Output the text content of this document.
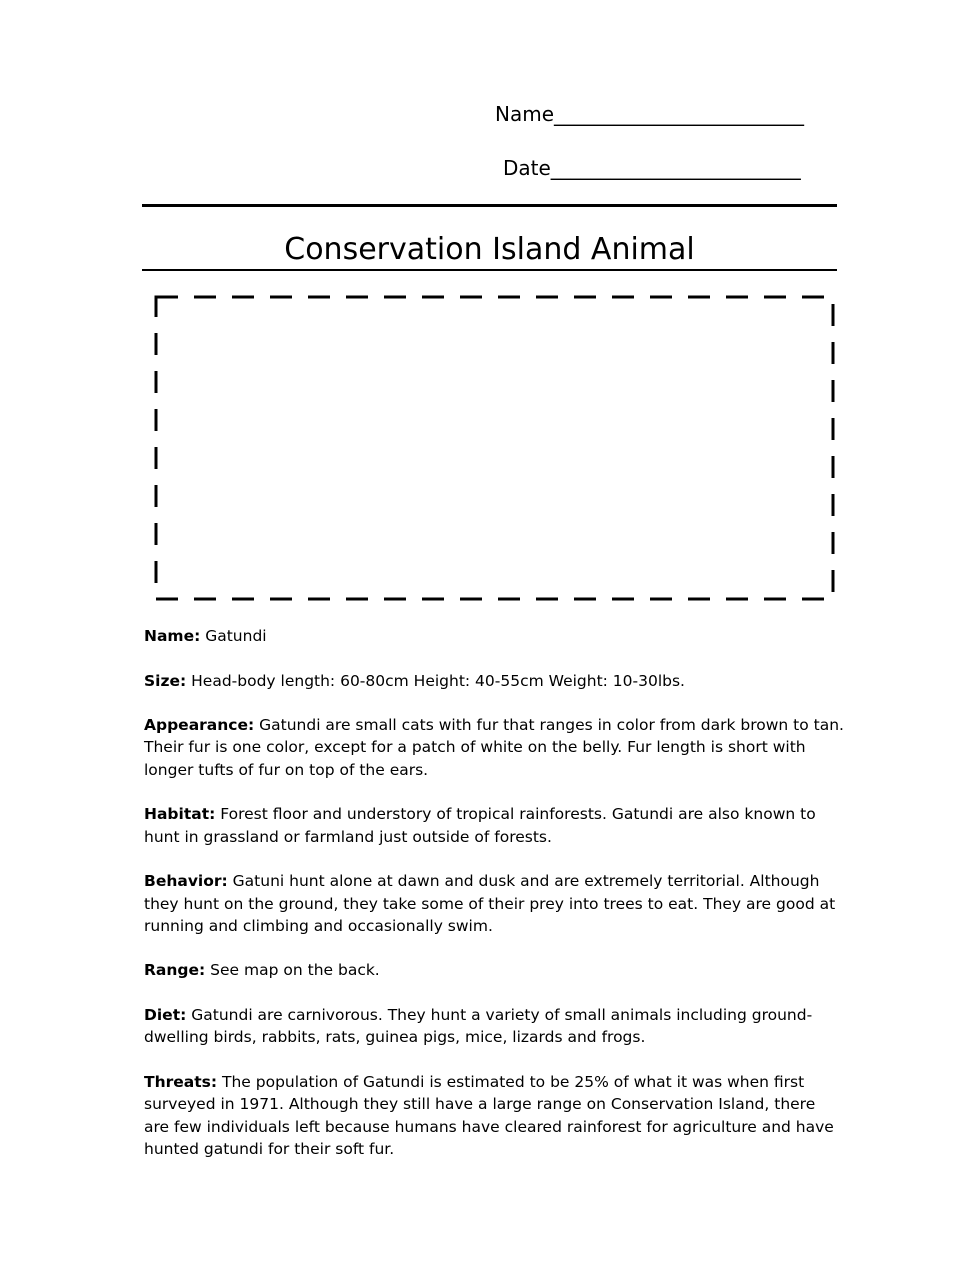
Name_________________________
Date_________________________
Conservation Island Animal

Name: Gatundi

Size: Head-body length: 60-80cm Height: 40-55cm Weight: 10-30lbs.

Appearance: Gatundi are small cats with fur that ranges in color from dark brown to tan. Their fur is one color, except for a patch of white on the belly. Fur length is short with longer tufts of fur on top of the ears.

Habitat: Forest floor and understory of tropical rainforests. Gatundi are also known to hunt in grassland or farmland just outside of forests.

Behavior: Gatuni hunt alone at dawn and dusk and are extremely territorial. Although they hunt on the ground, they take some of their prey into trees to eat. They are good at running and climbing and occasionally swim.

Range: See map on the back.

Diet: Gatundi are carnivorous. They hunt a variety of small animals including ground-dwelling birds, rabbits, rats, guinea pigs, mice, lizards and frogs.

Threats: The population of Gatundi is estimated to be 25% of what it was when first surveyed in 1971. Although they still have a large range on Conservation Island, there are few individuals left because humans have cleared rainforest for agriculture and have hunted gatundi for their soft fur.
